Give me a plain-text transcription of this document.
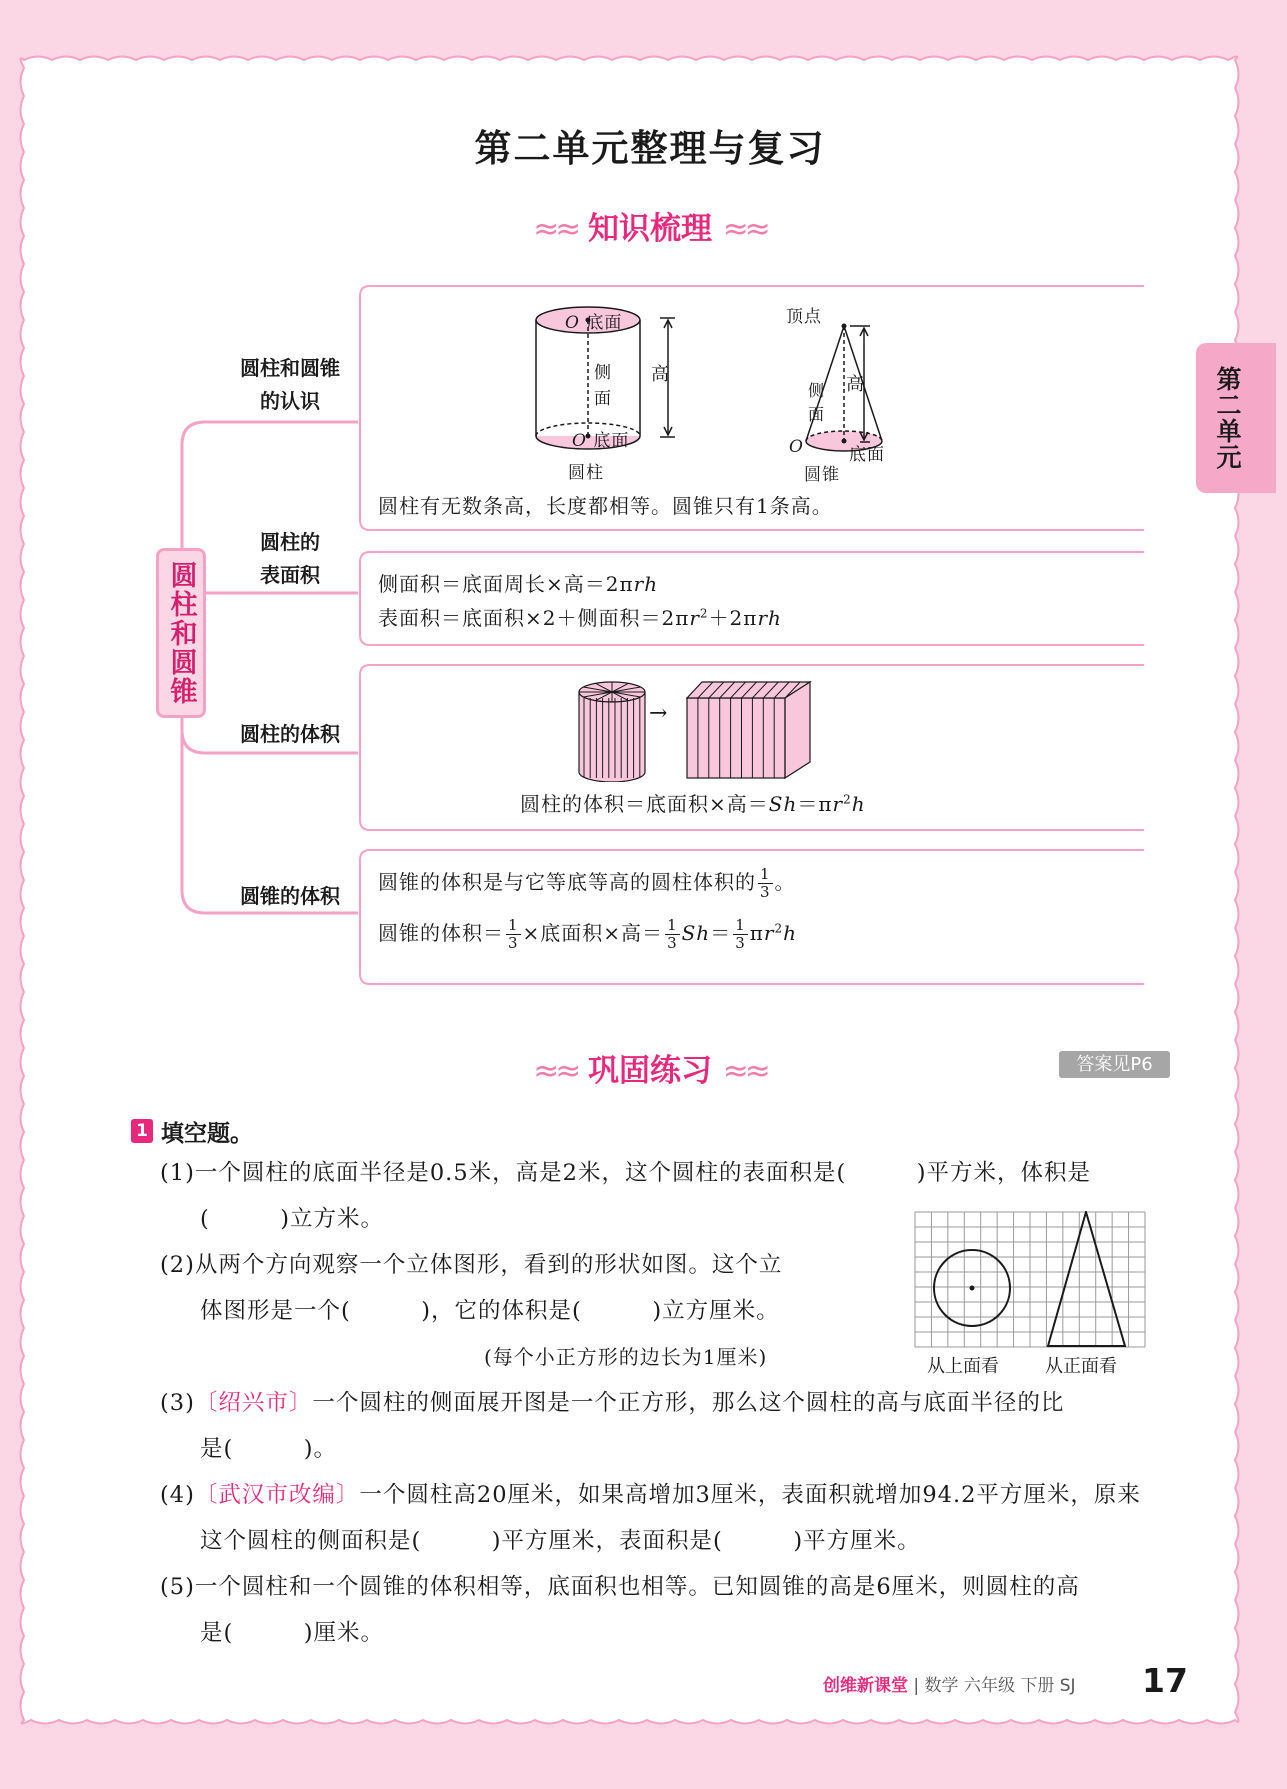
第二单元整理与复习
≈≈ 知识梳理 ≈≈
第二单元
圆柱和圆锥
圆柱和圆锥
的认识
圆柱的
表面积
圆柱的体积
圆锥的体积
O 底面
侧
面
高
O 底面
圆柱
顶点
侧
面
高
O	底面
圆锥
圆柱有无数条高，长度都相等。圆锥只有1条高。
侧面积＝底面周长×高＝2πrh
表面积＝底面积×2＋侧面积$=2\pi r^2+2\pi rh$
→
圆柱的体积＝底面积×高$=Sh=\pi r^2h$
圆锥的体积是与它等底等高的圆柱体积的 $\frac{1}{3}$ 。
圆锥的体积＝ $\frac{1}{3}$ ×底面积×高＝ $\frac{1}{3} Sh= \frac{1}{3} \pi r^2h$
≈≈ 巩固练习 ≈≈	答案见P6
1 填空题。
(1)一个圆柱的底面半径是0.5米，高是2米，这个圆柱的表面积是(　　　)平方米，体积是
(　　　)立方米。
(2)从两个方向观察一个立体图形，看到的形状如图。这个立
体图形是一个(　　　)，它的体积是(　　　)立方厘米。
(每个小正方形的边长为1厘米)
(3)〔绍兴市〕一个圆柱的侧面展开图是一个正方形，那么这个圆柱的高与底面半径的比
是(　　　)。
(4)〔武汉市改编〕一个圆柱高20厘米，如果高增加3厘米，表面积就增加94.2平方厘米，原来
这个圆柱的侧面积是(　　　)平方厘米，表面积是(　　　)平方厘米。
(5)一个圆柱和一个圆锥的体积相等，底面积也相等。已知圆锥的高是6厘米，则圆柱的高
是(　　　)厘米。
从上面看	从正面看
创维新课堂 | 数学 六年级 下册 SJ 17
